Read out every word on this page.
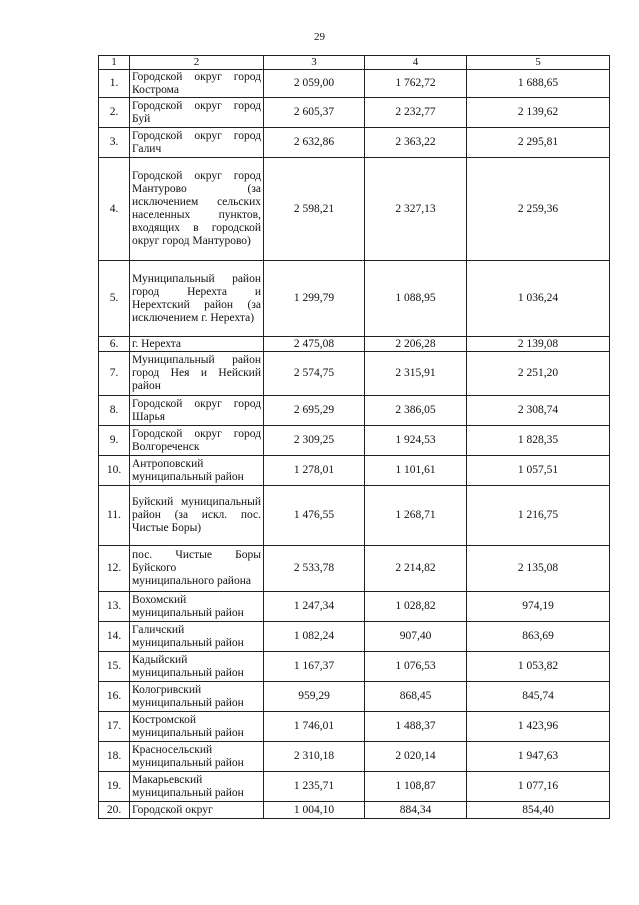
29
1	2	3	4	5
1.	Городской округ город Кострома	2 059,00	1 762,72	1 688,65
2.	Городской округ город Буй	2 605,37	2 232,77	2 139,62
3.	Городской округ город Галич	2 632,86	2 363,22	2 295,81
4.	Городской округ город Мантурово (за исключением сельских населенных пунктов, входящих в городской округ город Мантурово)	2 598,21	2 327,13	2 259,36
5.	Муниципальный район город Нерехта и Нерехтский район (за исключением г. Нерехта)	1 299,79	1 088,95	1 036,24
6.	г. Нерехта	2 475,08	2 206,28	2 139,08
7.	Муниципальный район город Нея и Нейский район	2 574,75	2 315,91	2 251,20
8.	Городской округ город Шарья	2 695,29	2 386,05	2 308,74
9.	Городской округ город Волгореченск	2 309,25	1 924,53	1 828,35
10.	Антроповский муниципальный район	1 278,01	1 101,61	1 057,51
11.	Буйский муниципальный район (за искл. пос. Чистые Боры)	1 476,55	1 268,71	1 216,75
12.	пос. Чистые Боры Буйского муниципального района	2 533,78	2 214,82	2 135,08
13.	Вохомский муниципальный район	1 247,34	1 028,82	974,19
14.	Галичский муниципальный район	1 082,24	907,40	863,69
15.	Кадыйский муниципальный район	1 167,37	1 076,53	1 053,82
16.	Кологривский муниципальный район	959,29	868,45	845,74
17.	Костромской муниципальный район	1 746,01	1 488,37	1 423,96
18.	Красносельский муниципальный район	2 310,18	2 020,14	1 947,63
19.	Макарьевский муниципальный район	1 235,71	1 108,87	1 077,16
20.	Городской округ	1 004,10	884,34	854,40
